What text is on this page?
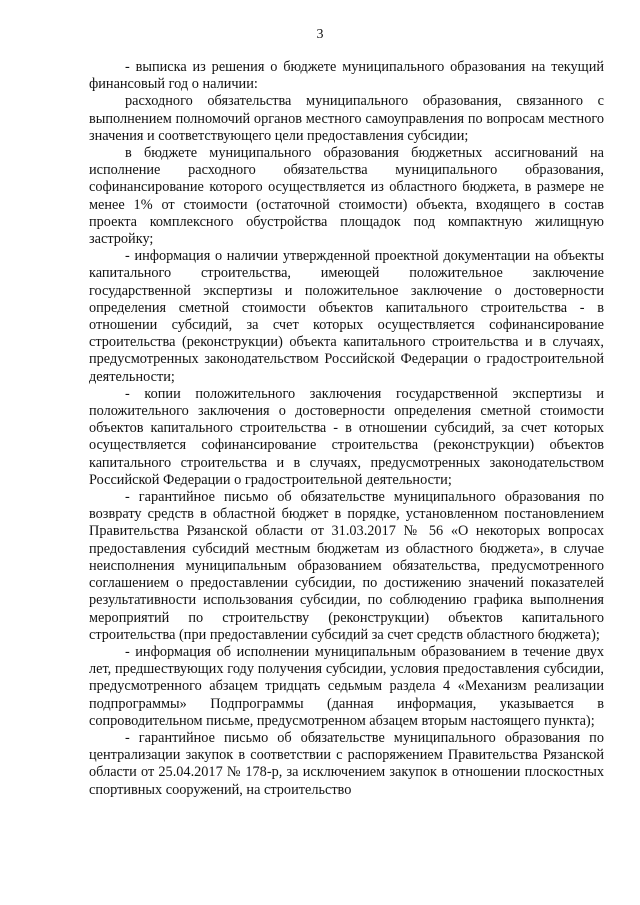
3

- выписка из решения о бюджете муниципального образования на текущий финансовый год о наличии:

расходного обязательства муниципального образования, связанного с выполнением полномочий органов местного самоуправления по вопросам местного значения и соответствующего цели предоставления субсидии;

в бюджете муниципального образования бюджетных ассигнований на исполнение расходного обязательства муниципального образования, софинансирование которого осуществляется из областного бюджета, в размере не менее 1% от стоимости (остаточной стоимости) объекта, входящего в состав проекта комплексного обустройства площадок под компактную жилищную застройку;

- информация о наличии утвержденной проектной документации на объекты капитального строительства, имеющей положительное заключение государственной экспертизы и положительное заключение о достоверности определения сметной стоимости объектов капитального строительства - в отношении субсидий, за счет которых осуществляется софинансирование строительства (реконструкции) объекта капитального строительства и в случаях, предусмотренных законодательством Российской Федерации о градостроительной деятельности;

- копии положительного заключения государственной экспертизы и положительного заключения о достоверности определения сметной стоимости объектов капитального строительства - в отношении субсидий, за счет которых осуществляется софинансирование строительства (реконструкции) объектов капитального строительства и в случаях, предусмотренных законодательством Российской Федерации о градостроительной деятельности;

- гарантийное письмо об обязательстве муниципального образования по возврату средств в областной бюджет в порядке, установленном постановлением Правительства Рязанской области от 31.03.2017 № 56 «О некоторых вопросах предоставления субсидий местным бюджетам из областного бюджета», в случае неисполнения муниципальным образованием обязательства, предусмотренного соглашением о предоставлении субсидии, по достижению значений показателей результативности использования субсидии, по соблюдению графика выполнения мероприятий по строительству (реконструкции) объектов капитального строительства (при предоставлении субсидий за счет средств областного бюджета);

- информация об исполнении муниципальным образованием в течение двух лет, предшествующих году получения субсидии, условия предоставления субсидии, предусмотренного абзацем тридцать седьмым раздела 4 «Механизм реализации подпрограммы» Подпрограммы (данная информация, указывается в сопроводительном письме, предусмотренном абзацем вторым настоящего пункта);

- гарантийное письмо об обязательстве муниципального образования по централизации закупок в соответствии с распоряжением Правительства Рязанской области от 25.04.2017 № 178-р, за исключением закупок в отношении плоскостных спортивных сооружений, на строительство
